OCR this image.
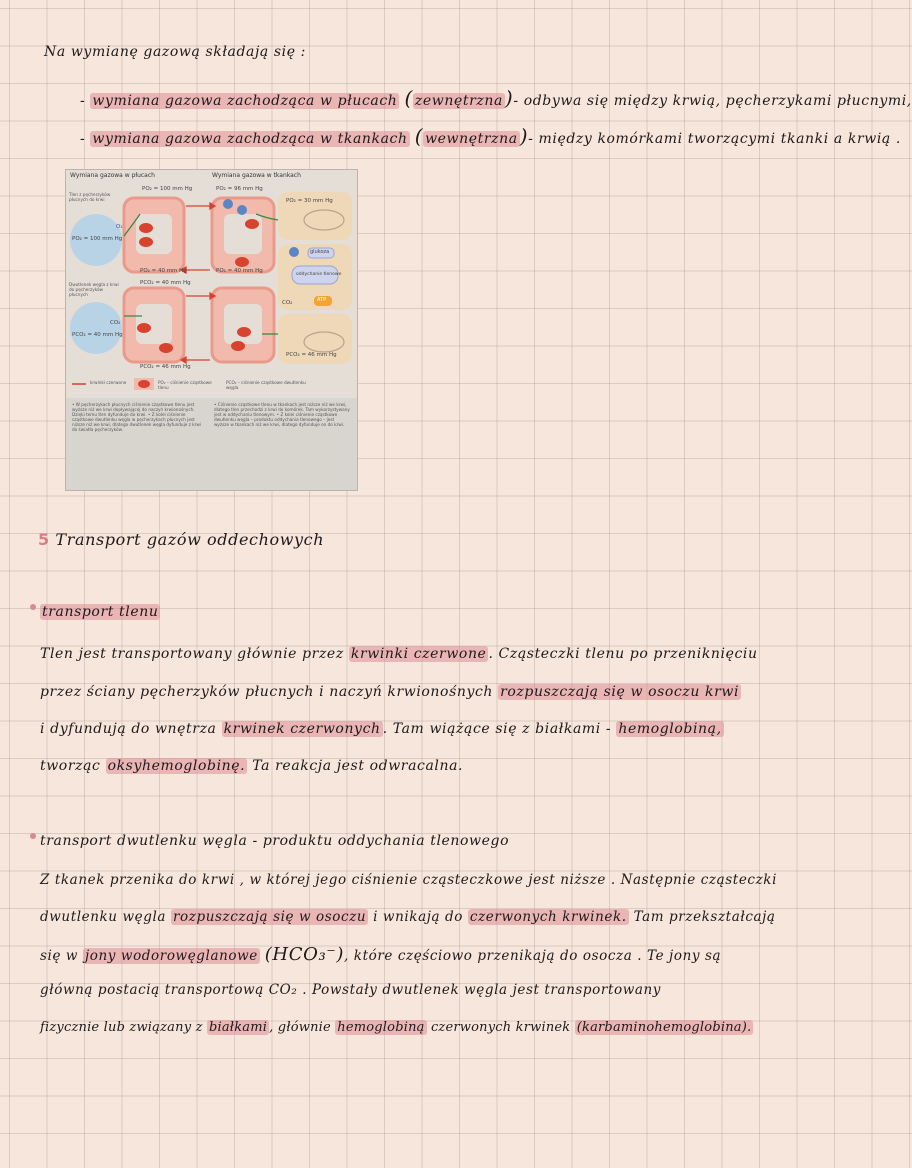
Na wymianę gazową składają się :
- wymiana gazowa zachodząca w płucach ( zewnętrzna )- odbywa się między krwią, pęcherzykami płucnymi,
- wymiana gazowa zachodząca w tkankach ( wewnętrzna )- między komórkami tworzącymi tkanki a krwią .
Wymiana gazowa w płucach	Wymiana gazowa w tkankach
Tlen z pęcherzyków płucnych do krwi
Dwutlenek węgla z krwi do pęcherzyków płucnych
PO₂ = 100 mm Hg	PO₂ = 96 mm Hg
PO₂ = 30 mm Hg
PO₂ = 100 mm Hg
PO₂ = 40 mm Hg	PO₂ = 40 mm Hg
PCO₂ = 40 mm Hg
PCO₂ = 40 mm Hg
PCO₂ = 46 mm Hg
PCO₂ = 46 mm Hg
O₂
CO₂
CO₂
glukoza
oddychanie tlenowe
ATP
krwinki czerwone	PO₂ – ciśnienie cząstkowe tlenu
PCO₂ – ciśnienie cząstkowe dwutlenku węgla
• W pęcherzykach płucnych ciśnienie cząstkowe tlenu jest wyższe niż we krwi dopływającej do naczyń krwionośnych. Dzięki temu tlen dyfunduje do krwi. • Z kolei ciśnienie cząstkowe dwutlenku węgla w pęcherzykach płucnych jest niższe niż we krwi, dlatego dwutlenek węgla dyfunduje z krwi do światła pęcherzyków.
• Ciśnienie cząstkowe tlenu w tkankach jest niższe niż we krwi, dlatego tlen przechodzi z krwi do komórek. Tam wykorzystywany jest w oddychaniu tlenowym. • Z kolei ciśnienie cząstkowe dwutlenku węgla – produktu oddychania tlenowego – jest wyższe w tkankach niż we krwi, dlatego dyfunduje on do krwi.
5 Transport gazów oddechowych
transport tlenu
Tlen jest transportowany głównie przez krwinki czerwone . Cząsteczki tlenu po przeniknięciu
przez ściany pęcherzyków płucnych i naczyń krwionośnych rozpuszczają się w osoczu krwi
i dyfundują do wnętrza krwinek czerwonych . Tam wiążące się z białkami - hemoglobiną,
tworząc oksyhemoglobinę. Ta reakcja jest odwracalna.
transport dwutlenku węgla - produktu oddychania tlenowego
Z tkanek przenika do krwi , w której jego ciśnienie cząsteczkowe jest niższe . Następnie cząsteczki
dwutlenku węgla rozpuszczają się w osoczu i wnikają do czerwonych krwinek. Tam przekształcają
się w jony wodorowęglanowe (HCO₃⁻), które częściowo przenikają do osocza . Te jony są
główną postacią transportową CO₂ . Powstały dwutlenek węgla jest transportowany
fizycznie lub związany z białkami , głównie hemoglobiną czerwonych krwinek (karbaminohemoglobina).
